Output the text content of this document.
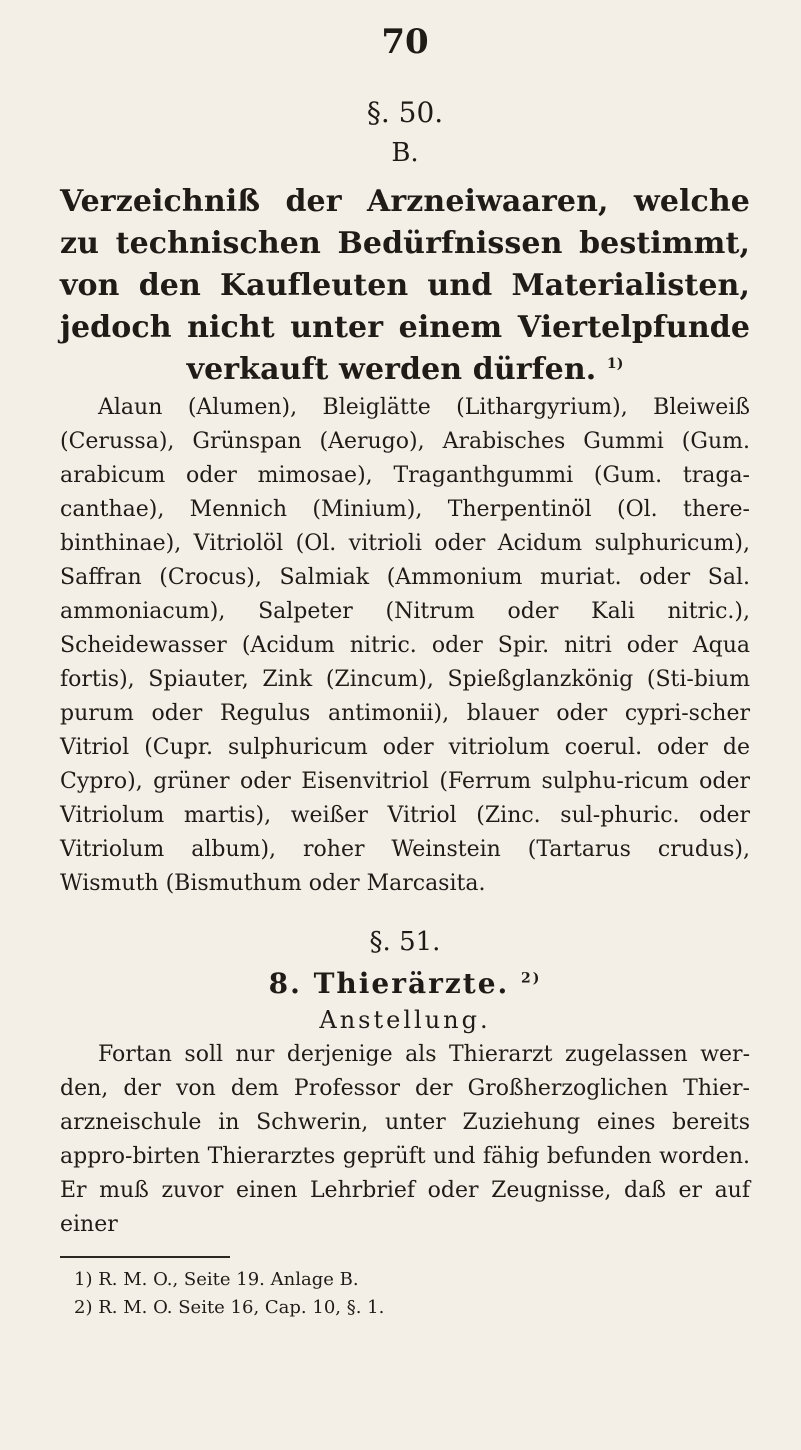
70
§. 50.
B.

Verzeichniß der Arzneiwaaren, welche zu technischen Bedürfnissen bestimmt, von den Kaufleuten und Materialisten, jedoch nicht unter einem Viertelpfunde verkauft werden dürfen. $^{1)}$

Alaun (Alumen), Bleiglätte (Lithargyrium), Bleiweiß (Cerussa), Grünspan (Aerugo), Arabisches Gummi (Gum. arabicum oder mimosae), Traganthgummi (Gum. traga-canthae), Mennich (Minium), Therpentinöl (Ol. there-binthinae), Vitriolöl (Ol. vitrioli oder Acidum sulphuricum), Saffran (Crocus), Salmiak (Ammonium muriat. oder Sal. ammoniacum), Salpeter (Nitrum oder Kali nitric.), Scheidewasser (Acidum nitric. oder Spir. nitri oder Aqua fortis), Spiauter, Zink (Zincum), Spießglanzkönig (Sti-bium purum oder Regulus antimonii), blauer oder cypri-scher Vitriol (Cupr. sulphuricum oder vitriolum coerul. oder de Cypro), grüner oder Eisenvitriol (Ferrum sulphu-ricum oder Vitriolum martis), weißer Vitriol (Zinc. sul-phuric. oder Vitriolum album), roher Weinstein (Tartarus crudus), Wismuth (Bismuthum oder Marcasita.

§. 51.
8. Thierärzte. $^{2)}$
Anstellung.

Fortan soll nur derjenige als Thierarzt zugelassen wer-den, der von dem Professor der Großherzoglichen Thier-arzneischule in Schwerin, unter Zuziehung eines bereits appro-birten Thierarztes geprüft und fähig befunden worden. Er muß zuvor einen Lehrbrief oder Zeugnisse, daß er auf einer

1) R. M. O., Seite 19. Anlage B.
2) R. M. O. Seite 16, Cap. 10, §. 1.
